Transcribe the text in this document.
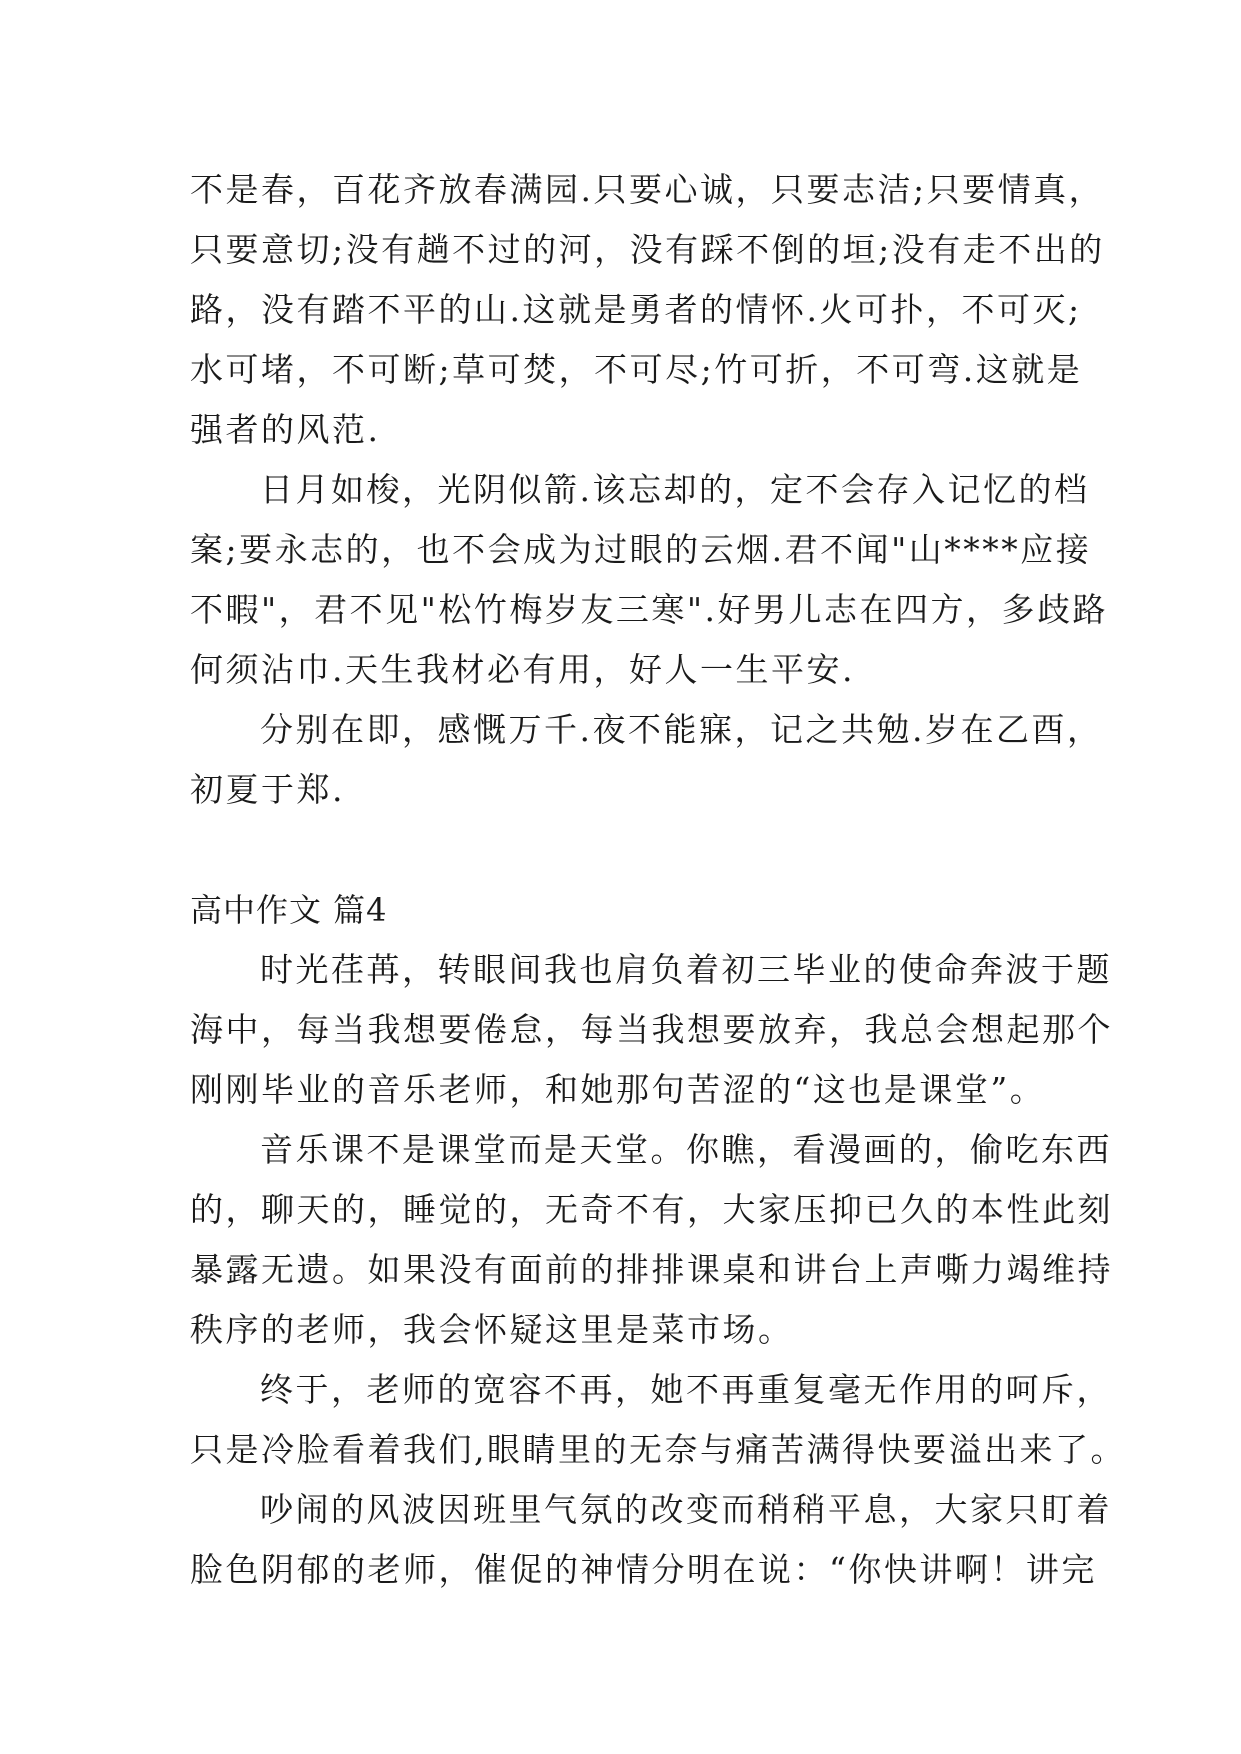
不是春，百花齐放春满园.只要心诚，只要志洁;只要情真，
只要意切;没有趟不过的河，没有踩不倒的垣;没有走不出的
路，没有踏不平的山.这就是勇者的情怀.火可扑，不可灭;
水可堵，不可断;草可焚，不可尽;竹可折，不可弯.这就是
强者的风范.
日月如梭，光阴似箭.该忘却的，定不会存入记忆的档
案;要永志的，也不会成为过眼的云烟.君不闻"山****应接
不暇"，君不见"松竹梅岁友三寒".好男儿志在四方，多歧路
何须沾巾.天生我材必有用，好人一生平安.
分别在即，感慨万千.夜不能寐，记之共勉.岁在乙酉，
初夏于郑.
高中作文 篇4
时光荏苒，转眼间我也肩负着初三毕业的使命奔波于题
海中，每当我想要倦怠，每当我想要放弃，我总会想起那个
刚刚毕业的音乐老师，和她那句苦涩的“这也是课堂”。
音乐课不是课堂而是天堂。你瞧，看漫画的，偷吃东西
的，聊天的，睡觉的，无奇不有，大家压抑已久的本性此刻
暴露无遗。如果没有面前的排排课桌和讲台上声嘶力竭维持
秩序的老师，我会怀疑这里是菜市场。
终于，老师的宽容不再，她不再重复毫无作用的呵斥，
只是冷脸看着我们,眼睛里的无奈与痛苦满得快要溢出来了。
吵闹的风波因班里气氛的改变而稍稍平息，大家只盯着
脸色阴郁的老师，催促的神情分明在说：“你快讲啊！讲完
